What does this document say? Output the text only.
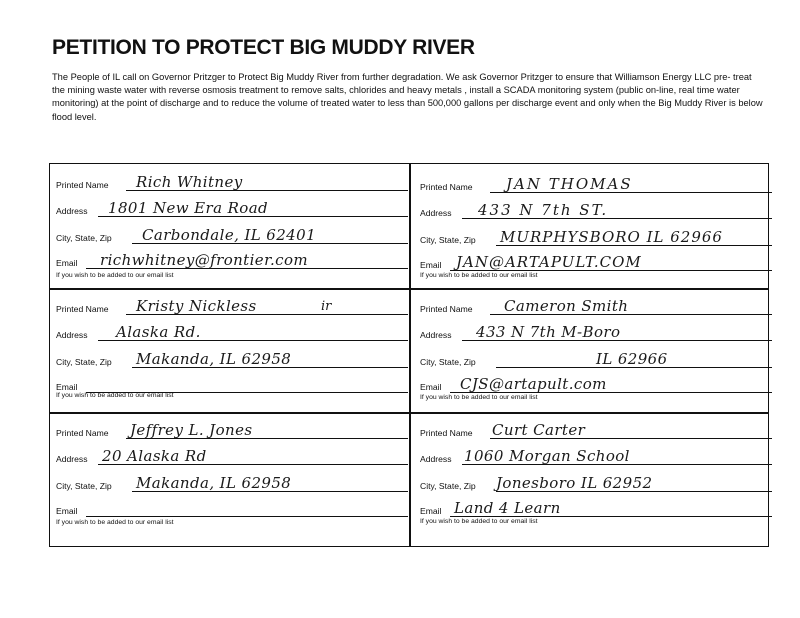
PETITION TO PROTECT BIG MUDDY RIVER
The People of IL call on Governor Pritzger to Protect Big Muddy River from further degradation. We ask Governor Pritzger to ensure that Williamson Energy LLC pre- treat the mining waste water with reverse osmosis treatment to remove salts, chlorides and heavy metals , install a SCADA monitoring system (public on-line, real time water monitoring) at the point of discharge and to reduce the volume of treated water to less than 500,000 gallons per discharge event and only when the Big Muddy River is below flood level.
Printed Name Rich Whitney
Address 1801 New Era Road
City, State, Zip Carbondale, IL 62401
Email richwhitney@frontier.com
If you wish to be added to our email list
Printed Name JAN THOMAS
Address 433 N 7th ST.
City, State, Zip MURPHYSBORO IL 62966
Email JAN@ARTAPULT.COM
If you wish to be added to our email list
Printed Name Kristy Nickless	ir
Address Alaska Rd.
City, State, Zip Makanda, IL 62958
Email
If you wish to be added to our email list
Printed Name Cameron Smith
Address 433 N 7th M-Boro
City, State, Zip	IL 62966
Email CJS@artapult.com
If you wish to be added to our email list
Printed Name Jeffrey L. Jones
Address 20 Alaska Rd
City, State, Zip Makanda, IL 62958
Email
If you wish to be added to our email list
Printed Name Curt Carter
Address 1060 Morgan School
City, State, Zip Jonesboro IL 62952
Email Land 4 Learn
If you wish to be added to our email list
